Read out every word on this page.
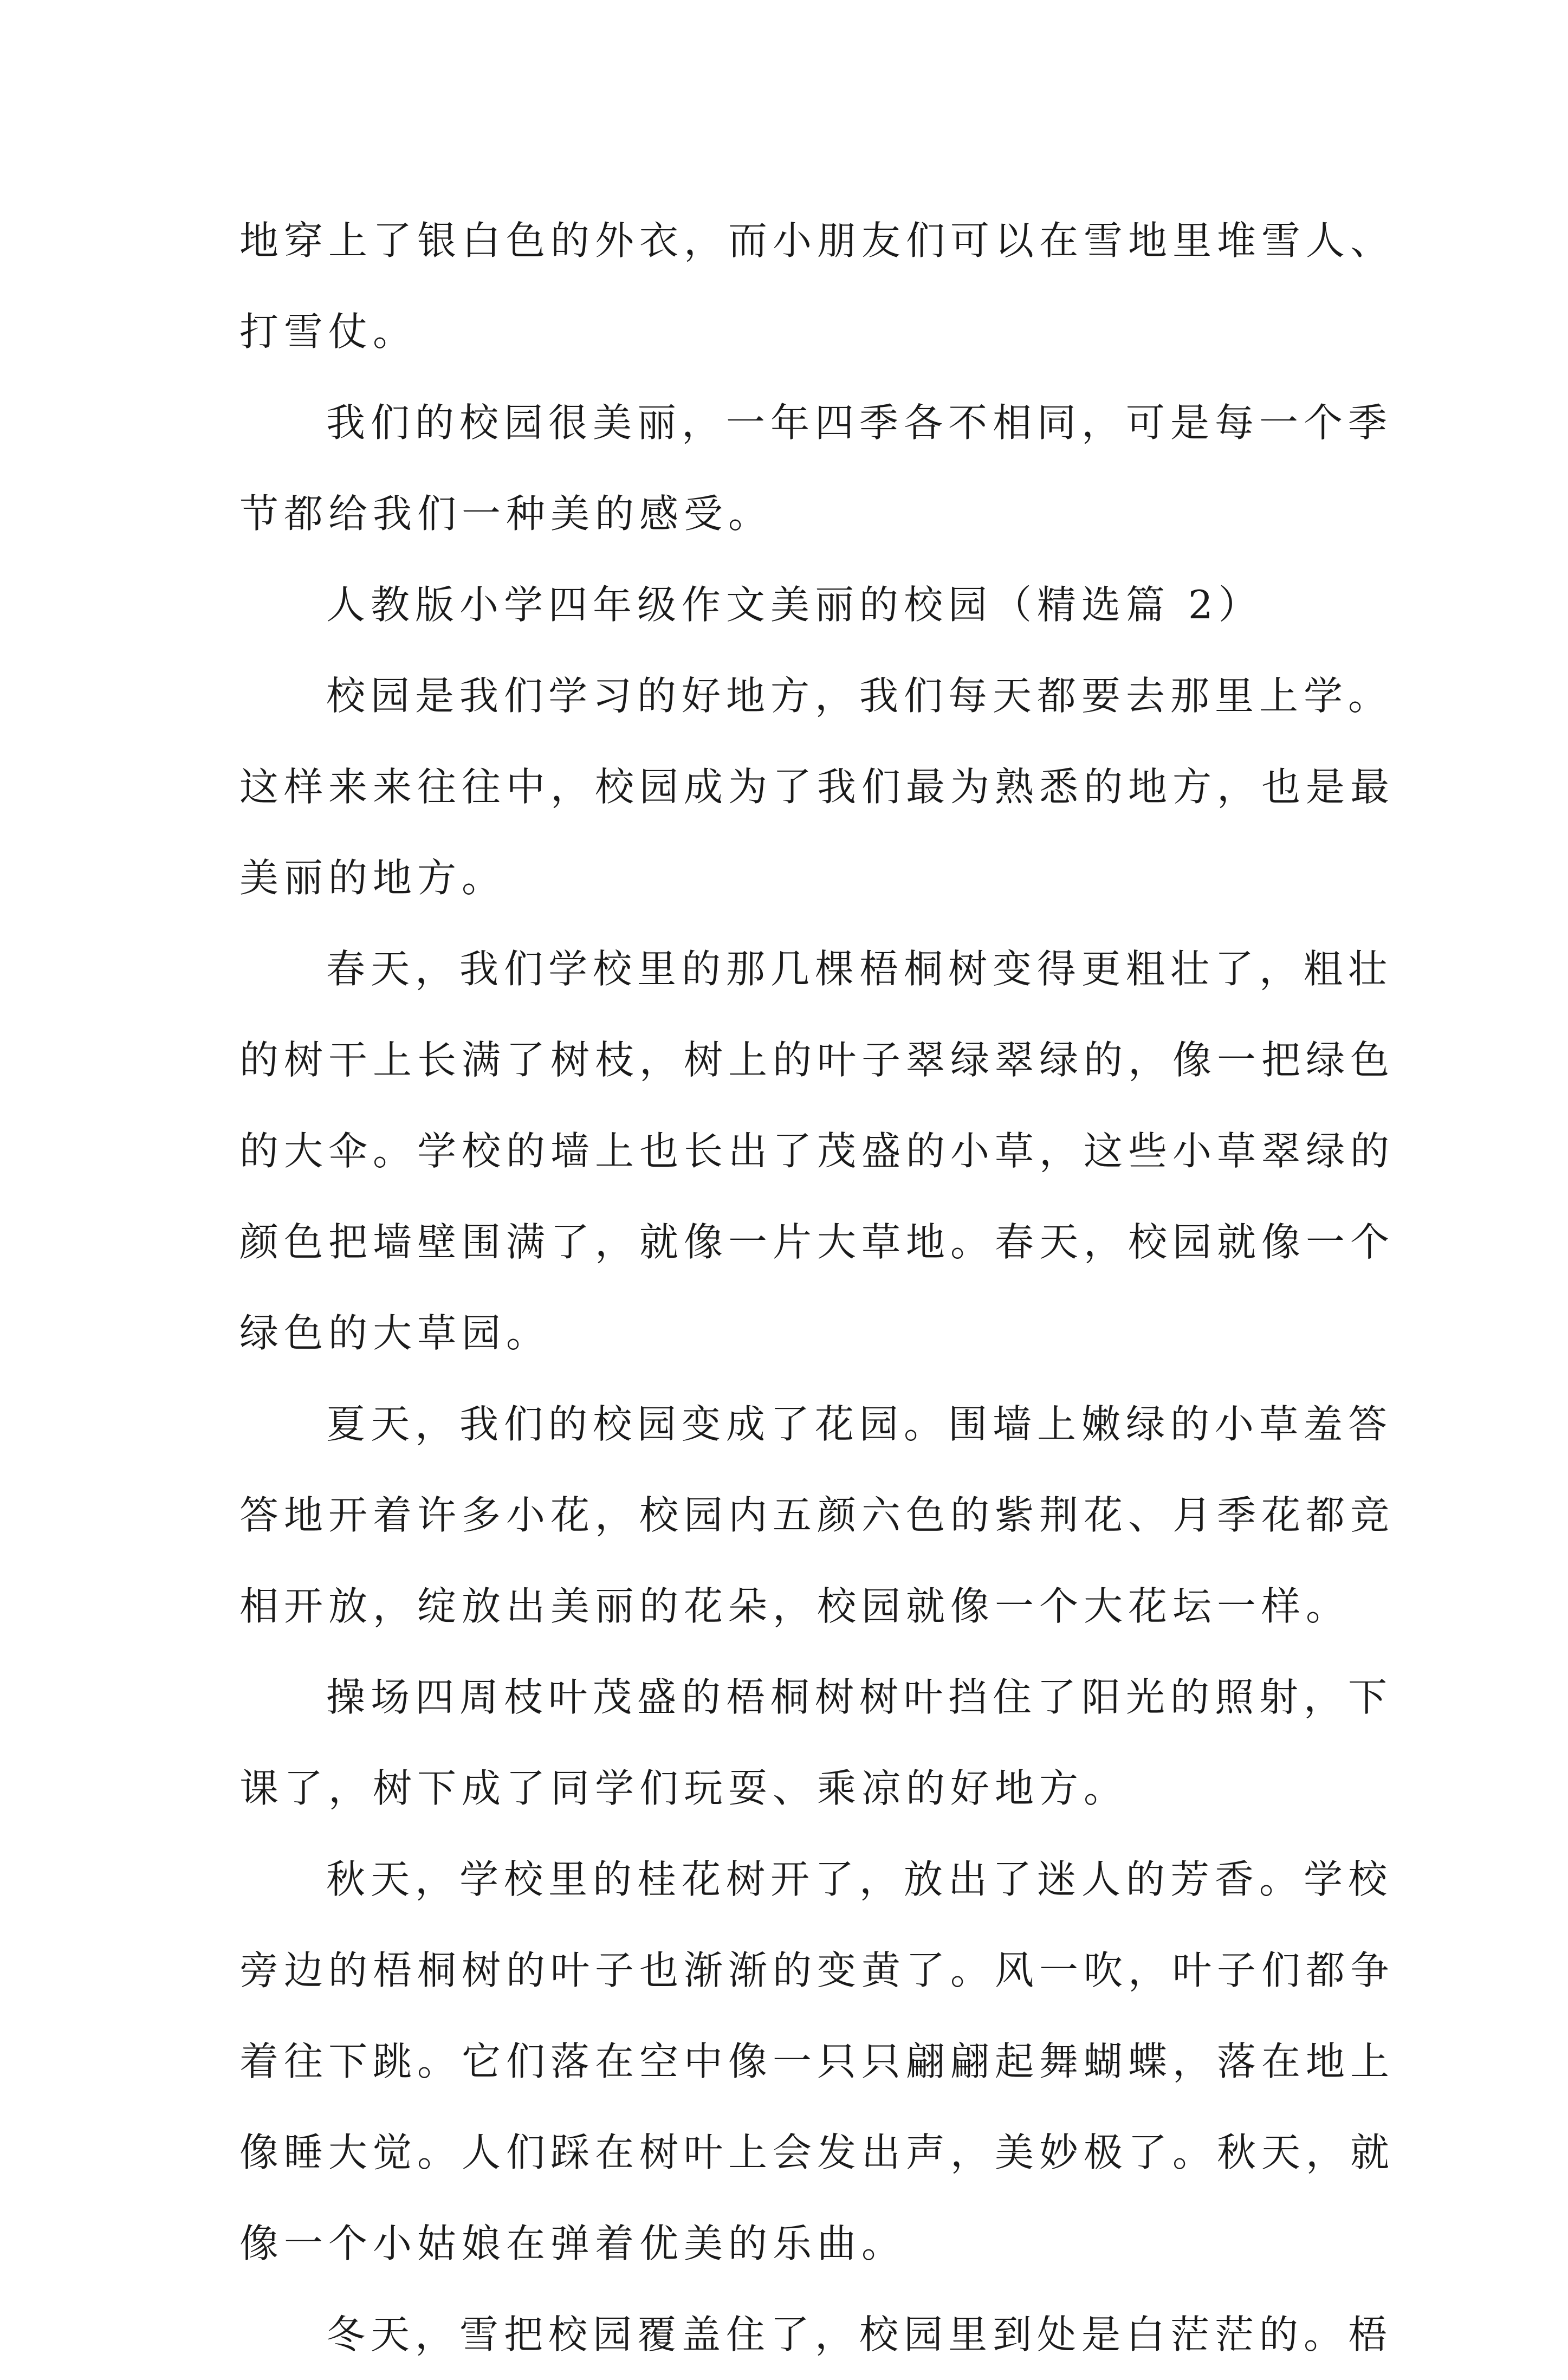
地穿上了银白色的外衣，而小朋友们可以在雪地里堆雪人、
打雪仗。
我们的校园很美丽，一年四季各不相同，可是每一个季
节都给我们一种美的感受。
人教版小学四年级作文美丽的校园（精选篇 2）
校园是我们学习的好地方，我们每天都要去那里上学。
这样来来往往中，校园成为了我们最为熟悉的地方，也是最
美丽的地方。
春天，我们学校里的那几棵梧桐树变得更粗壮了，粗壮
的树干上长满了树枝，树上的叶子翠绿翠绿的，像一把绿色
的大伞。学校的墙上也长出了茂盛的小草，这些小草翠绿的
颜色把墙壁围满了，就像一片大草地。春天，校园就像一个
绿色的大草园。
夏天，我们的校园变成了花园。围墙上嫩绿的小草羞答
答地开着许多小花，校园内五颜六色的紫荆花、月季花都竞
相开放，绽放出美丽的花朵，校园就像一个大花坛一样。
操场四周枝叶茂盛的梧桐树树叶挡住了阳光的照射，下
课了，树下成了同学们玩耍、乘凉的好地方。
秋天，学校里的桂花树开了，放出了迷人的芳香。学校
旁边的梧桐树的叶子也渐渐的变黄了。风一吹，叶子们都争
着往下跳。它们落在空中像一只只翩翩起舞蝴蝶，落在地上
像睡大觉。人们踩在树叶上会发出声，美妙极了。秋天，就
像一个小姑娘在弹着优美的乐曲。
冬天，雪把校园覆盖住了，校园里到处是白茫茫的。梧
